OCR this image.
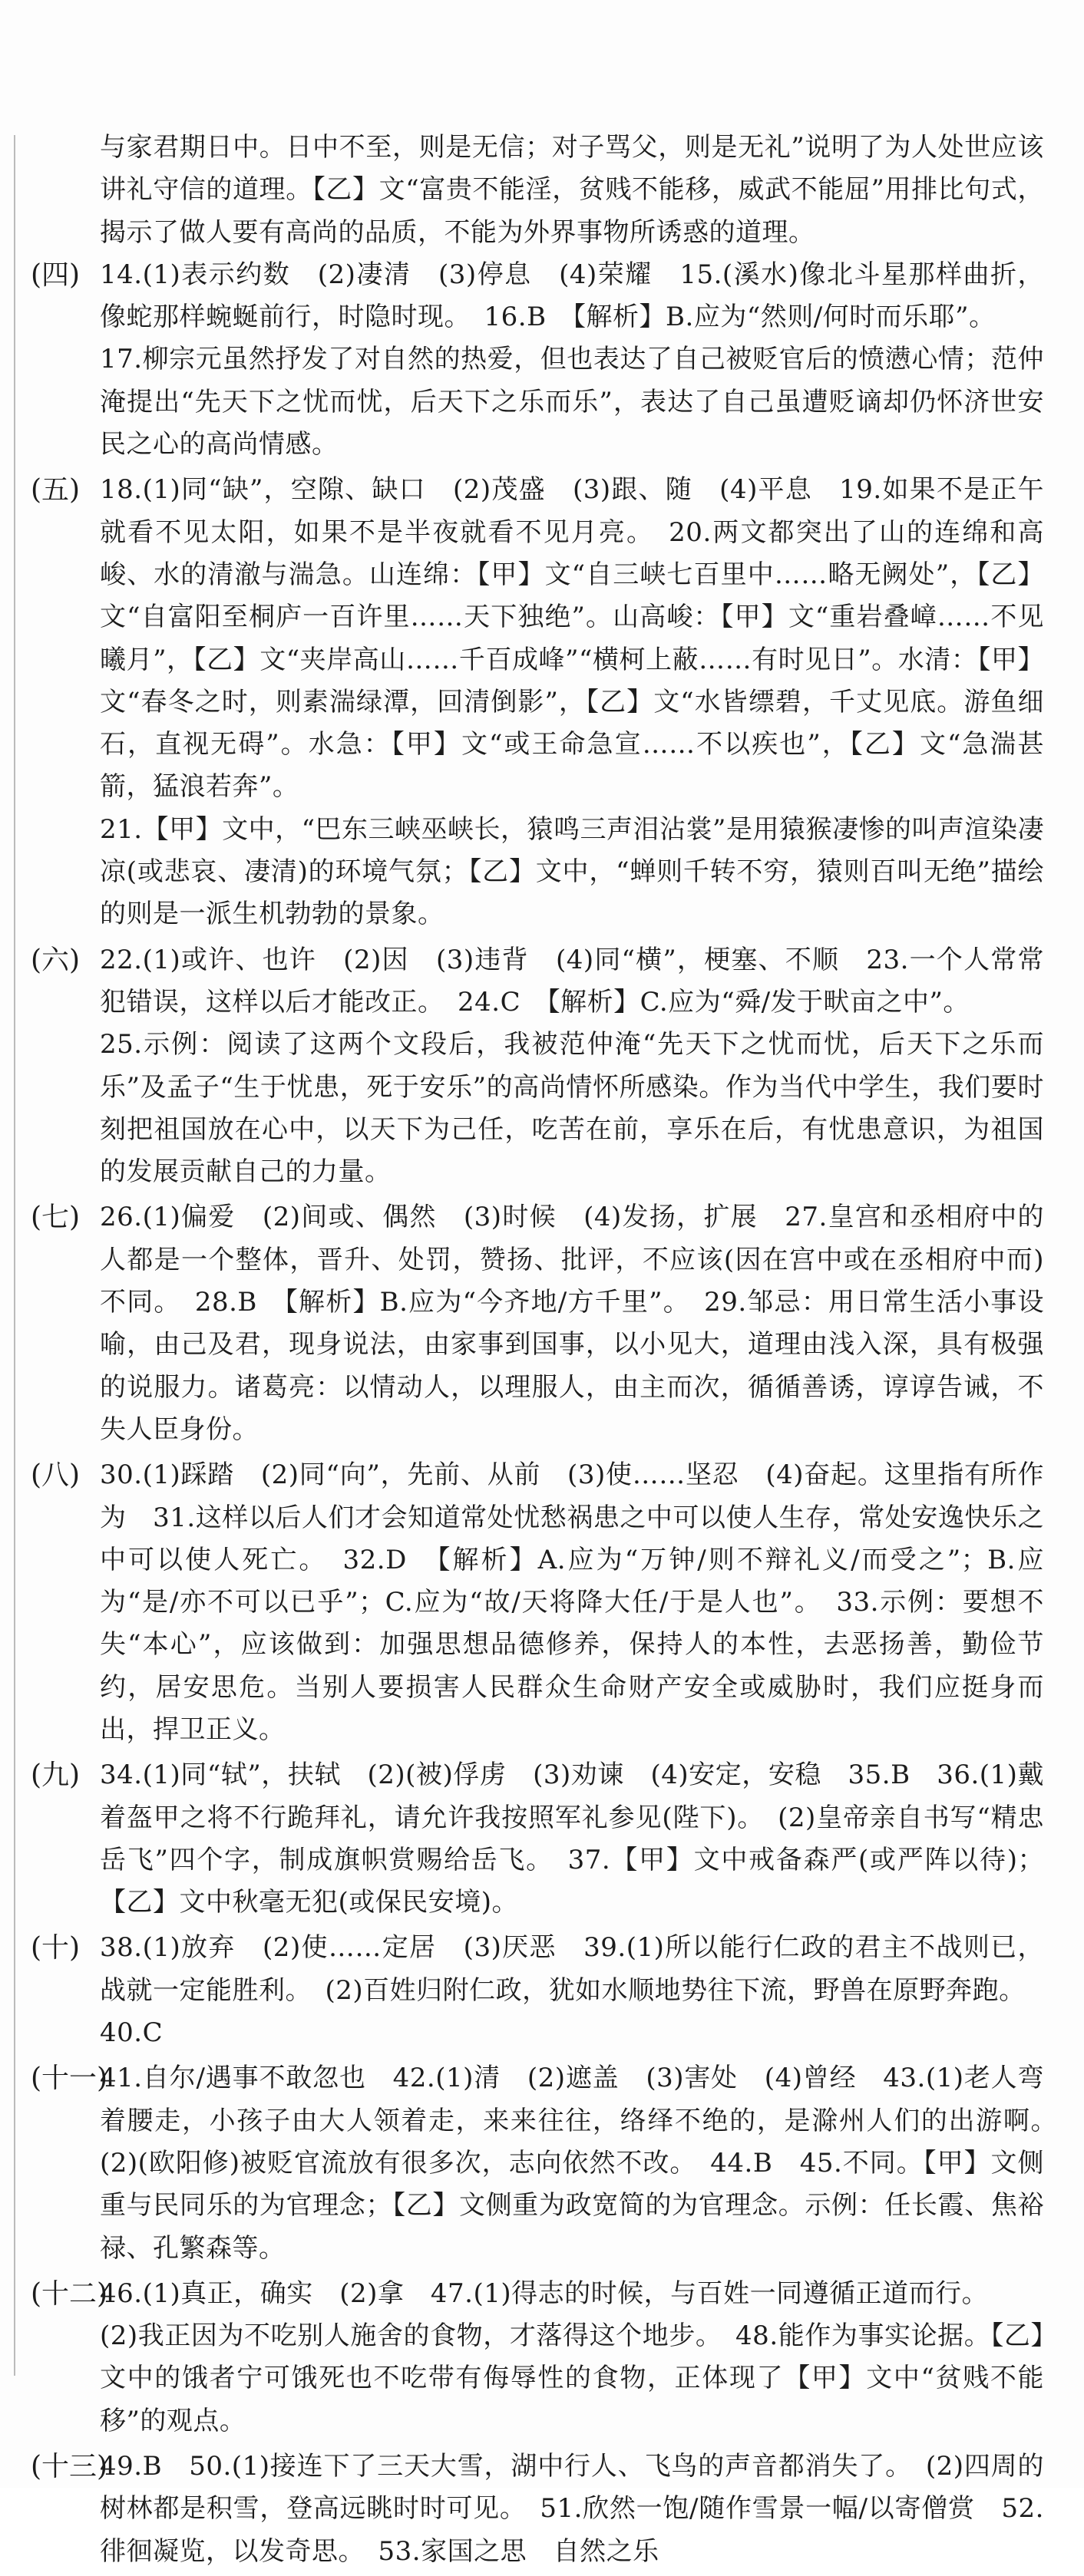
与家君期日中。日中不至，则是无信；对子骂父，则是无礼”说明了为人处世应该讲礼守信的道理。【乙】文“富贵不能淫，贫贱不能移，威武不能屈”用排比句式，揭示了做人要有高尚的品质，不能为外界事物所诱惑的道理。

(四) 14.(1)表示约数　(2)凄清　(3)停息　(4)荣耀　15.(溪水)像北斗星那样曲折，像蛇那样蜿蜒前行，时隐时现。　16.B　【解析】B.应为“然则/何时而乐耶”。

17.柳宗元虽然抒发了对自然的热爱，但也表达了自己被贬官后的愤懑心情；范仲淹提出“先天下之忧而忧，后天下之乐而乐”，表达了自己虽遭贬谪却仍怀济世安民之心的高尚情感。

(五) 18.(1)同“缺”，空隙、缺口　(2)茂盛　(3)跟、随　(4)平息　19.如果不是正午就看不见太阳，如果不是半夜就看不见月亮。　20.两文都突出了山的连绵和高峻、水的清澈与湍急。山连绵：【甲】文“自三峡七百里中……略无阙处”，【乙】文“自富阳至桐庐一百许里……天下独绝”。山高峻：【甲】文“重岩叠嶂……不见曦月”，【乙】文“夹岸高山……千百成峰”“横柯上蔽……有时见日”。水清：【甲】文“春冬之时，则素湍绿潭，回清倒影”，【乙】文“水皆缥碧，千丈见底。游鱼细石，直视无碍”。水急：【甲】文“或王命急宣……不以疾也”，【乙】文“急湍甚箭，猛浪若奔”。

21.【甲】文中，“巴东三峡巫峡长，猿鸣三声泪沾裳”是用猿猴凄惨的叫声渲染凄凉(或悲哀、凄清)的环境气氛；【乙】文中，“蝉则千转不穷，猿则百叫无绝”描绘的则是一派生机勃勃的景象。

(六) 22.(1)或许、也许　(2)因　(3)违背　(4)同“横”，梗塞、不顺　23.一个人常常犯错误，这样以后才能改正。　24.C　【解析】C.应为“舜/发于畎亩之中”。

25.示例：阅读了这两个文段后，我被范仲淹“先天下之忧而忧，后天下之乐而乐”及孟子“生于忧患，死于安乐”的高尚情怀所感染。作为当代中学生，我们要时刻把祖国放在心中，以天下为己任，吃苦在前，享乐在后，有忧患意识，为祖国的发展贡献自己的力量。

(七) 26.(1)偏爱　(2)间或、偶然　(3)时候　(4)发扬，扩展　27.皇宫和丞相府中的人都是一个整体，晋升、处罚，赞扬、批评，不应该(因在宫中或在丞相府中而)不同。　28.B　【解析】B.应为“今齐地/方千里”。　29.邹忌：用日常生活小事设喻，由己及君，现身说法，由家事到国事，以小见大，道理由浅入深，具有极强的说服力。诸葛亮：以情动人，以理服人，由主而次，循循善诱，谆谆告诫，不失人臣身份。

(八) 30.(1)踩踏　(2)同“向”，先前、从前　(3)使……坚忍　(4)奋起。这里指有所作为　31.这样以后人们才会知道常处忧愁祸患之中可以使人生存，常处安逸快乐之中可以使人死亡。　32.D　【解析】A.应为“万钟/则不辩礼义/而受之”；B.应为“是/亦不可以已乎”；C.应为“故/天将降大任/于是人也”。　33.示例：要想不失“本心”，应该做到：加强思想品德修养，保持人的本性，去恶扬善，勤俭节约，居安思危。当别人要损害人民群众生命财产安全或威胁时，我们应挺身而出，捍卫正义。

(九) 34.(1)同“轼”，扶轼　(2)(被)俘虏　(3)劝谏　(4)安定，安稳　35.B　36.(1)戴着盔甲之将不行跪拜礼，请允许我按照军礼参见(陛下)。　(2)皇帝亲自书写“精忠岳飞”四个字，制成旗帜赏赐给岳飞。　37.【甲】文中戒备森严(或严阵以待)；【乙】文中秋毫无犯(或保民安境)。

(十) 38.(1)放弃　(2)使……定居　(3)厌恶　39.(1)所以能行仁政的君主不战则已，战就一定能胜利。　(2)百姓归附仁政，犹如水顺地势往下流，野兽在原野奔跑。

40.C

(十一)

41.自尔/遇事不敢忽也　42.(1)清　(2)遮盖　(3)害处　(4)曾经　43.(1)老人弯着腰走，小孩子由大人领着走，来来往往，络绎不绝的，是滁州人们的出游啊。　(2)(欧阳修)被贬官流放有很多次，志向依然不改。　44.B　45.不同。【甲】文侧重与民同乐的为官理念；【乙】文侧重为政宽简的为官理念。示例：任长霞、焦裕禄、孔繁森等。

(十二)

46.(1)真正，确实　(2)拿　47.(1)得志的时候，与百姓一同遵循正道而行。

(2)我正因为不吃别人施舍的食物，才落得这个地步。　48.能作为事实论据。【乙】文中的饿者宁可饿死也不吃带有侮辱性的食物，正体现了【甲】文中“贫贱不能移”的观点。

(十三)

49.B　50.(1)接连下了三天大雪，湖中行人、飞鸟的声音都消失了。　(2)四周的树林都是积雪，登高远眺时时可见。　51.欣然一饱/随作雪景一幅/以寄僧赏　52.徘徊凝览，以发奇思。　53.家国之思　自然之乐
